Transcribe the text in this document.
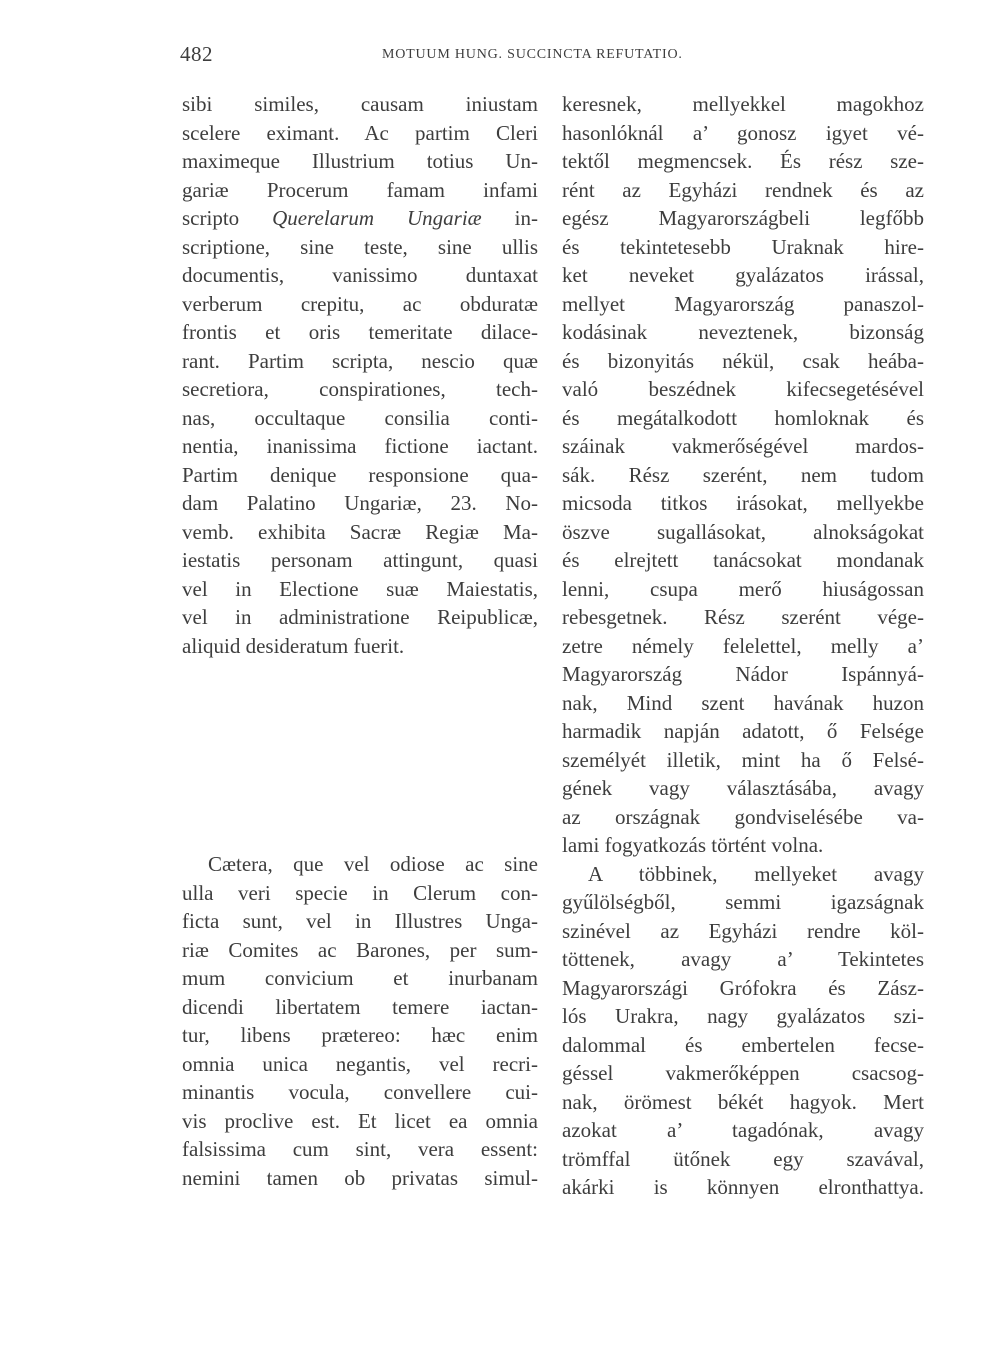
482	MOTUUM HUNG. SUCCINCTA REFUTATIO.
sibi similes, causam iniustam
scelere eximant. Ac partim Cleri
maximeque Illustrium totius Un-
gariæ Procerum famam infami
scripto Querelarum Ungariæ in-
scriptione, sine teste, sine ullis
documentis, vanissimo duntaxat
verberum crepitu, ac obduratæ
frontis et oris temeritate dilace-
rant. Partim scripta, nescio quæ
secretiora, conspirationes, tech-
nas, occultaque consilia conti-
nentia, inanissima fictione iactant.
Partim denique responsione qua-
dam Palatino Ungariæ, 23. No-
vemb. exhibita Sacræ Regiæ Ma-
iestatis personam attingunt, quasi
vel in Electione suæ Maiestatis,
vel in administratione Reipublicæ,
aliquid desideratum fuerit.
Cætera, que vel odiose ac sine
ulla veri specie in Clerum con-
ficta sunt, vel in Illustres Unga-
riæ Comites ac Barones, per sum-
mum convicium et inurbanam
dicendi libertatem temere iactan-
tur, libens prætereo: hæc enim
omnia unica negantis, vel recri-
minantis vocula, convellere cui-
vis proclive est. Et licet ea omnia
falsissima cum sint, vera essent:
nemini tamen ob privatas simul-
keresnek, mellyekkel magokhoz
hasonlóknál a’ gonosz igyet vé-
tektől megmencsek. És rész sze-
rént az Egyházi rendnek és az
egész Magyarországbeli legfőbb
és tekintetesebb Uraknak hire-
ket neveket gyalázatos irással,
mellyet Magyarország panaszol-
kodásinak neveztenek, bizonság
és bizonyitás nékül, csak heába-
való beszédnek kifecsegetésével
és megátalkodott homloknak és
száinak vakmerőségével mardos-
sák. Rész szerént, nem tudom
micsoda titkos irásokat, mellyekbe
öszve sugallásokat, alnokságokat
és elrejtett tanácsokat mondanak
lenni, csupa merő hiuságossan
rebesgetnek. Rész szerént vége-
zetre némely felelettel, melly a’
Magyarország Nádor Ispánnyá-
nak, Mind szent havának huzon
harmadik napján adatott, ő Felsége
személyét illetik, mint ha ő Felsé-
gének vagy választásába, avagy
az országnak gondviselésébe va-
lami fogyatkozás történt volna.
A többinek, mellyeket avagy
gyűlölségből, semmi igazságnak
szinével az Egyházi rendre köl-
töttenek, avagy a’ Tekintetes
Magyarországi Grófokra és Zász-
lós Urakra, nagy gyalázatos szi-
dalommal és embertelen fecse-
géssel vakmerőképpen csacsog-
nak, örömest békét hagyok. Mert
azokat a’ tagadónak, avagy
trömffal ütőnek egy szavával,
akárki is könnyen elronthattya.
